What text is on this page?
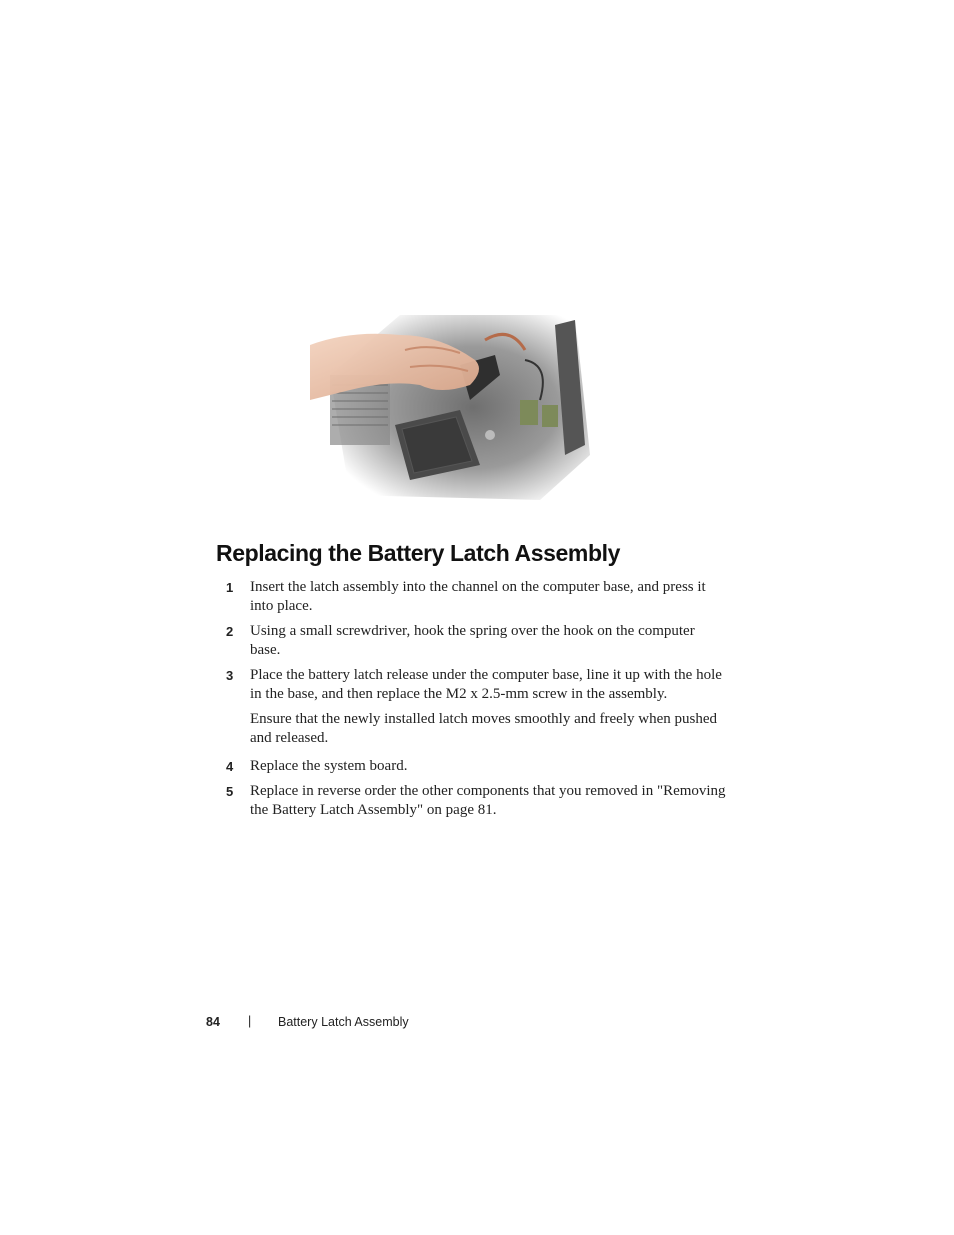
Replacing the Battery Latch Assembly
1 Insert the latch assembly into the channel on the computer base, and press it into place.
2 Using a small screwdriver, hook the spring over the hook on the computer base.
3 Place the battery latch release under the computer base, line it up with the hole in the base, and then replace the M2 x 2.5-mm screw in the assembly.
Ensure that the newly installed latch moves smoothly and freely when pushed and released.
4 Replace the system board.
5 Replace in reverse order the other components that you removed in "Removing the Battery Latch Assembly" on page 81.
84 | Battery Latch Assembly
